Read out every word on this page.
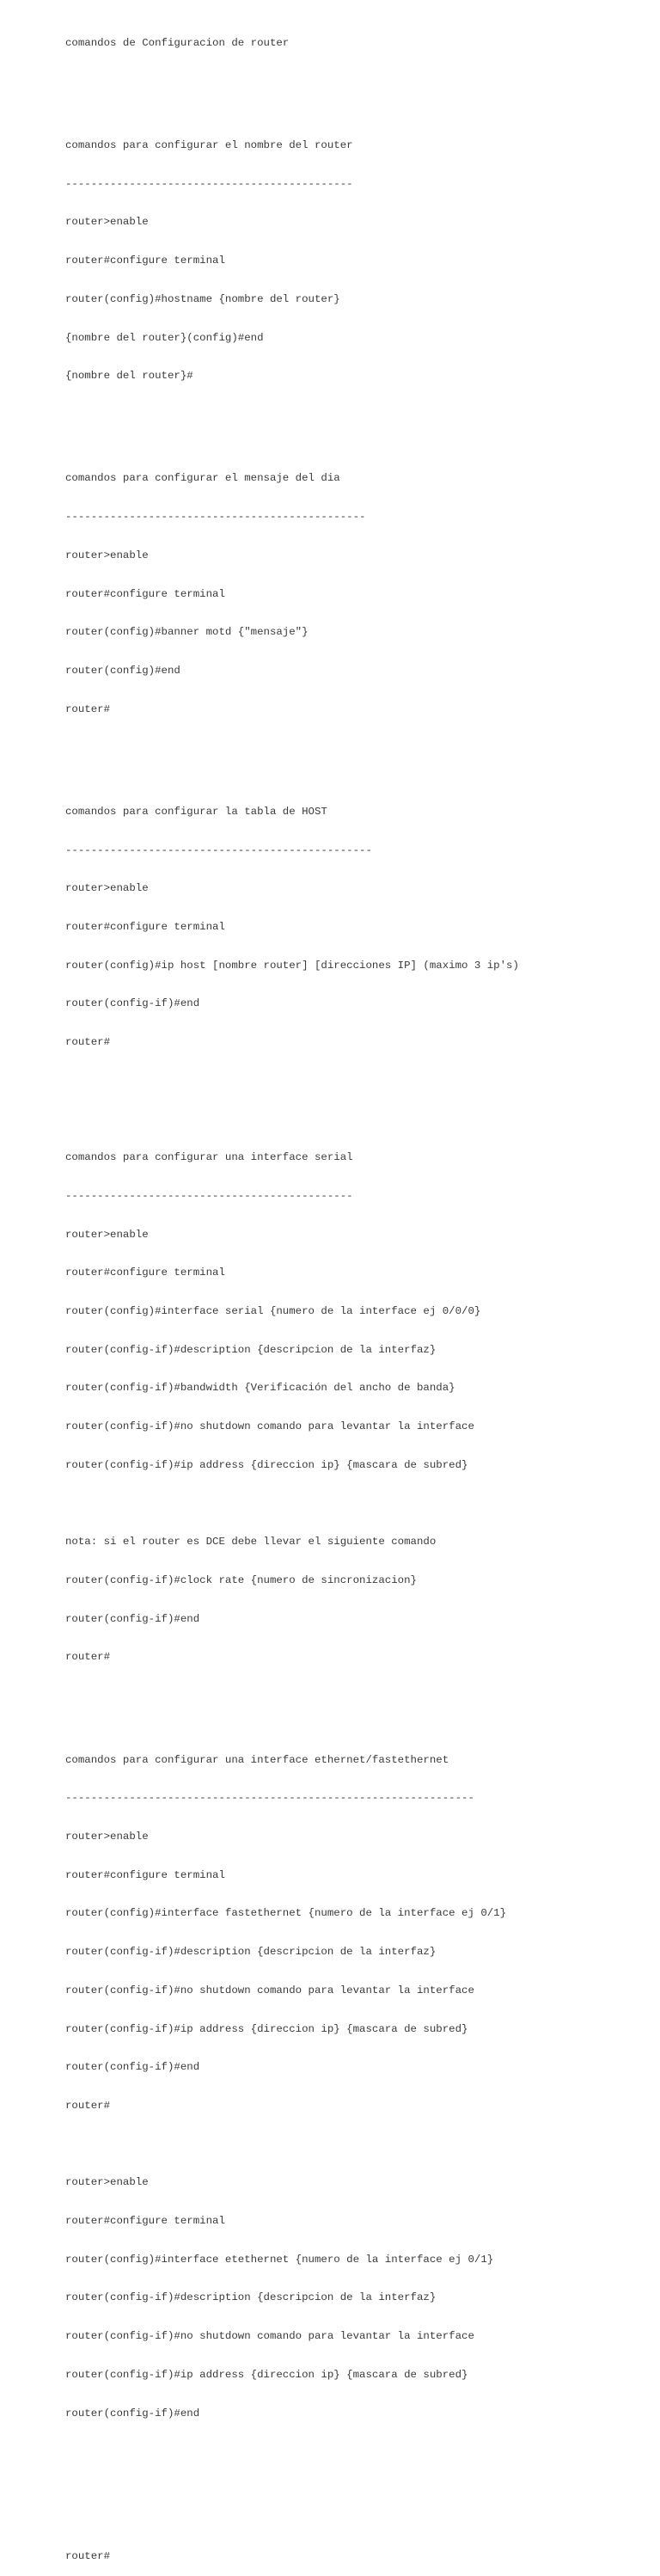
comandos de Configuracion de router

comandos para configurar el nombre del router

---------------------------------------------

router>enable

router#configure terminal

router(config)#hostname {nombre del router}

{nombre del router}(config)#end

{nombre del router}#

comandos para configurar el mensaje del dia

-----------------------------------------------

router>enable

router#configure terminal

router(config)#banner motd {"mensaje"}

router(config)#end

router#

comandos para configurar la tabla de HOST

------------------------------------------------

router>enable

router#configure terminal

router(config)#ip host [nombre router] [direcciones IP] (maximo 3 ip's)

router(config-if)#end

router#

comandos para configurar una interface serial

---------------------------------------------

router>enable

router#configure terminal

router(config)#interface serial {numero de la interface ej 0/0/0}

router(config-if)#description {descripcion de la interfaz}

router(config-if)#bandwidth {Verificación del ancho de banda}

router(config-if)#no shutdown comando para levantar la interface

router(config-if)#ip address {direccion ip} {mascara de subred}

nota: si el router es DCE debe llevar el siguiente comando

router(config-if)#clock rate {numero de sincronizacion}

router(config-if)#end

router#

comandos para configurar una interface ethernet/fastethernet

----------------------------------------------------------------

router>enable

router#configure terminal

router(config)#interface fastethernet {numero de la interface ej 0/1}

router(config-if)#description {descripcion de la interfaz}

router(config-if)#no shutdown comando para levantar la interface

router(config-if)#ip address {direccion ip} {mascara de subred}

router(config-if)#end

router#

router>enable

router#configure terminal

router(config)#interface etethernet {numero de la interface ej 0/1}

router(config-if)#description {descripcion de la interfaz}

router(config-if)#no shutdown comando para levantar la interface

router(config-if)#ip address {direccion ip} {mascara de subred}

router(config-if)#end

router#
